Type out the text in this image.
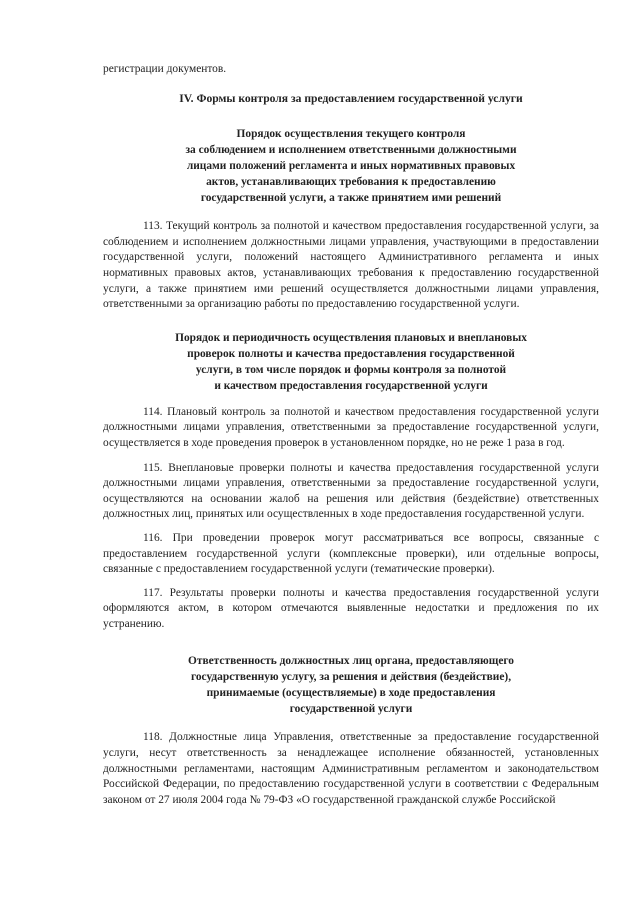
регистрации документов.

IV. Формы контроля за предоставлением государственной услуги

Порядок осуществления текущего контроля
за соблюдением и исполнением ответственными должностными
лицами положений регламента и иных нормативных правовых
актов, устанавливающих требования к предоставлению
государственной услуги, а также принятием ими решений

113. Текущий контроль за полнотой и качеством предоставления государственной услуги, за соблюдением и исполнением должностными лицами управления, участвующими в предоставлении государственной услуги, положений настоящего Административного регламента и иных нормативных правовых актов, устанавливающих требования к предоставлению государственной услуги, а также принятием ими решений осуществляется должностными лицами управления, ответственными за организацию работы по предоставлению государственной услуги.

Порядок и периодичность осуществления плановых и внеплановых
проверок полноты и качества предоставления государственной
услуги, в том числе порядок и формы контроля за полнотой
и качеством предоставления государственной услуги

114. Плановый контроль за полнотой и качеством предоставления государственной услуги должностными лицами управления, ответственными за предоставление государственной услуги, осуществляется в ходе проведения проверок в установленном порядке, но не реже 1 раза в год.

115. Внеплановые проверки полноты и качества предоставления государственной услуги должностными лицами управления, ответственными за предоставление государственной услуги, осуществляются на основании жалоб на решения или действия (бездействие) ответственных должностных лиц, принятых или осуществленных в ходе предоставления государственной услуги.

116. При проведении проверок могут рассматриваться все вопросы, связанные с предоставлением государственной услуги (комплексные проверки), или отдельные вопросы, связанные с предоставлением государственной услуги (тематические проверки).

117. Результаты проверки полноты и качества предоставления государственной услуги оформляются актом, в котором отмечаются выявленные недостатки и предложения по их устранению.

Ответственность должностных лиц органа, предоставляющего
государственную услугу, за решения и действия (бездействие),
принимаемые (осуществляемые) в ходе предоставления
государственной услуги

118. Должностные лица Управления, ответственные за предоставление государственной услуги, несут ответственность за ненадлежащее исполнение обязанностей, установленных должностными регламентами, настоящим Административным регламентом и законодательством Российской Федерации, по предоставлению государственной услуги в соответствии с Федеральным законом от 27 июля 2004 года № 79-ФЗ «О государственной гражданской службе Российской
